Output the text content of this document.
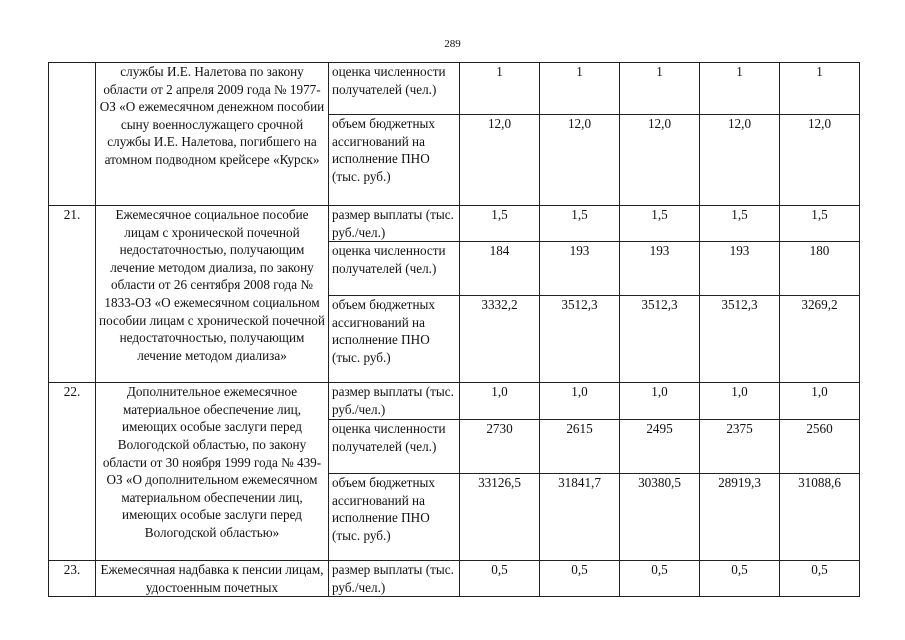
289
	службы И.Е. Налетова по закону области от 2 апреля 2009 года № 1977-ОЗ «О ежемесячном денежном пособии сыну военнослужащего срочной службы И.Е. Налетова, погибшего на атомном подводном крейсере «Курск»	оценка численности получателей (чел.)	1	1	1	1	1
		объем бюджетных ассигнований на исполнение ПНО (тыс. руб.)	12,0	12,0	12,0	12,0	12,0
21.	Ежемесячное социальное пособие лицам с хронической почечной недостаточностью, получающим лечение методом диализа, по закону области от 26 сентября 2008 года № 1833-ОЗ «О ежемесячном социальном пособии лицам с хронической почечной недостаточностью, получающим лечение методом диализа»	размер выплаты (тыс. руб./чел.)	1,5	1,5	1,5	1,5	1,5
		оценка численности получателей (чел.)	184	193	193	193	180
		объем бюджетных ассигнований на исполнение ПНО (тыс. руб.)	3332,2	3512,3	3512,3	3512,3	3269,2
22.	Дополнительное ежемесячное материальное обеспечение лиц, имеющих особые заслуги перед Вологодской областью, по закону области от 30 ноября 1999 года № 439-ОЗ «О дополнительном ежемесячном материальном обеспечении лиц, имеющих особые заслуги перед Вологодской областью»	размер выплаты (тыс. руб./чел.)	1,0	1,0	1,0	1,0	1,0
		оценка численности получателей (чел.)	2730	2615	2495	2375	2560
		объем бюджетных ассигнований на исполнение ПНО (тыс. руб.)	33126,5	31841,7	30380,5	28919,3	31088,6
23.	Ежемесячная надбавка к пенсии лицам, удостоенным почетных	размер выплаты (тыс. руб./чел.)	0,5	0,5	0,5	0,5	0,5
